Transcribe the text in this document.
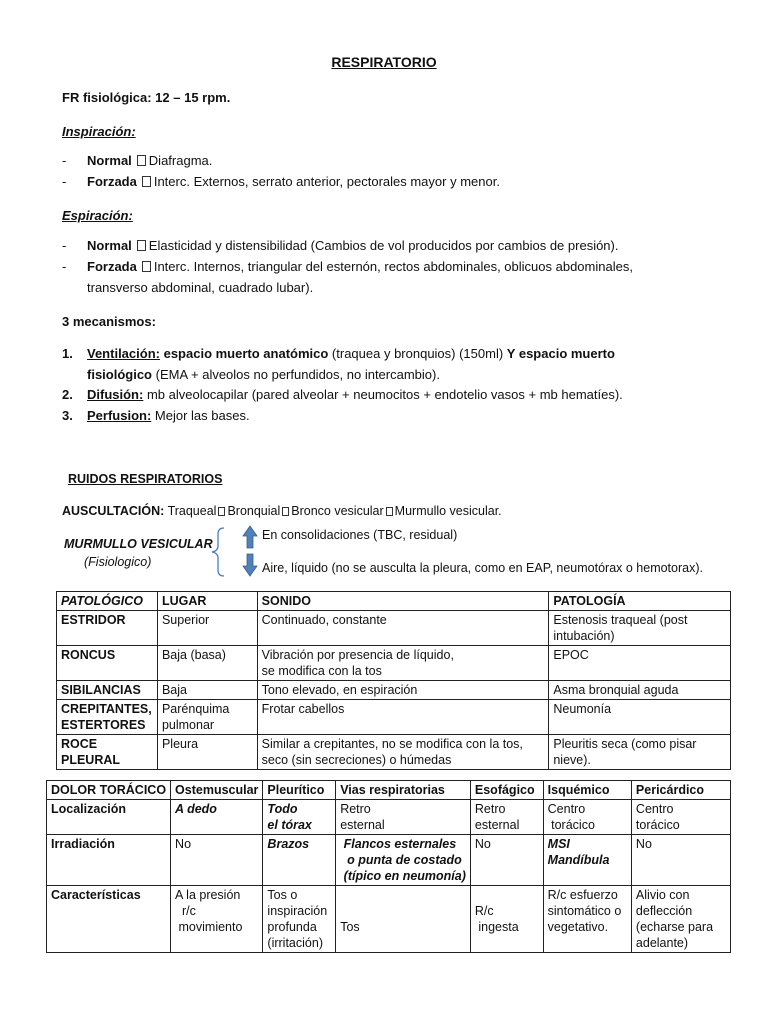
RESPIRATORIO
FR fisiológica: 12 – 15 rpm.
Inspiración:
- Normal Diafragma.
- Forzada Interc. Externos, serrato anterior, pectorales mayor y menor.
Espiración:
- Normal Elasticidad y distensibilidad (Cambios de vol producidos por cambios de presión).
- Forzada Interc. Internos, triangular del esternón, rectos abdominales, oblicuos abdominales,
transverso abdominal, cuadrado lubar).
3 mecanismos:
1. Ventilación: espacio muerto anatómico (traquea y bronquios) (150ml) Y espacio muerto
fisiológico (EMA + alveolos no perfundidos, no intercambio).
2. Difusión: mb alveolocapilar (pared alveolar + neumocitos + endotelio vasos + mb hematíes).
3. Perfusion: Mejor las bases.
RUIDOS RESPIRATORIOS
AUSCULTACIÓN: Traqueal Bronquial Bronco vesicular Murmullo vesicular.
MURMULLO VESICULAR
(Fisiologico)
En consolidaciones (TBC, residual)
Aire, líquido (no se ausculta la pleura, como en EAP, neumotórax o hemotorax).
PATOLÓGICO	LUGAR	SONIDO	PATOLOGÍA

ESTRIDOR	Superior	Continuado, constante	Estenosis traqueal (post
intubación)

RONCUS	Baja (basa)	Vibración por presencia de líquido,
se modifica con la tos	EPOC

SIBILANCIAS	Baja	Tono elevado, en espiración	Asma bronquial aguda

CREPITANTES,
ESTERTORES	Parénquima
pulmonar	Frotar cabellos	Neumonía

ROCE
PLEURAL	Pleura	Similar a crepitantes, no se modifica con la tos,
seco (sin secreciones) o húmedas	Pleuritis seca (como pisar
nieve).
DOLOR TORÁCICO	Ostemuscular	Pleurítico	Vias respiratorias	Esofágico	Isquémico	Pericárdico
Localización	A dedo	Todo
el tórax	Retro
esternal	Retro
esternal	Centro
torácico	Centro
torácico

Irradiación	No	Brazos	Flancos esternales
o punta de costado
(típico en neumonía)	No	MSI
Mandíbula	No

Características	A la presión
r/c
movimiento	Tos o
inspiración
profunda
(irritación)	Tos	R/c
ingesta	R/c esfuerzo
sintomático o
vegetativo.	Alivio con
deflección
(echarse para
adelante)
